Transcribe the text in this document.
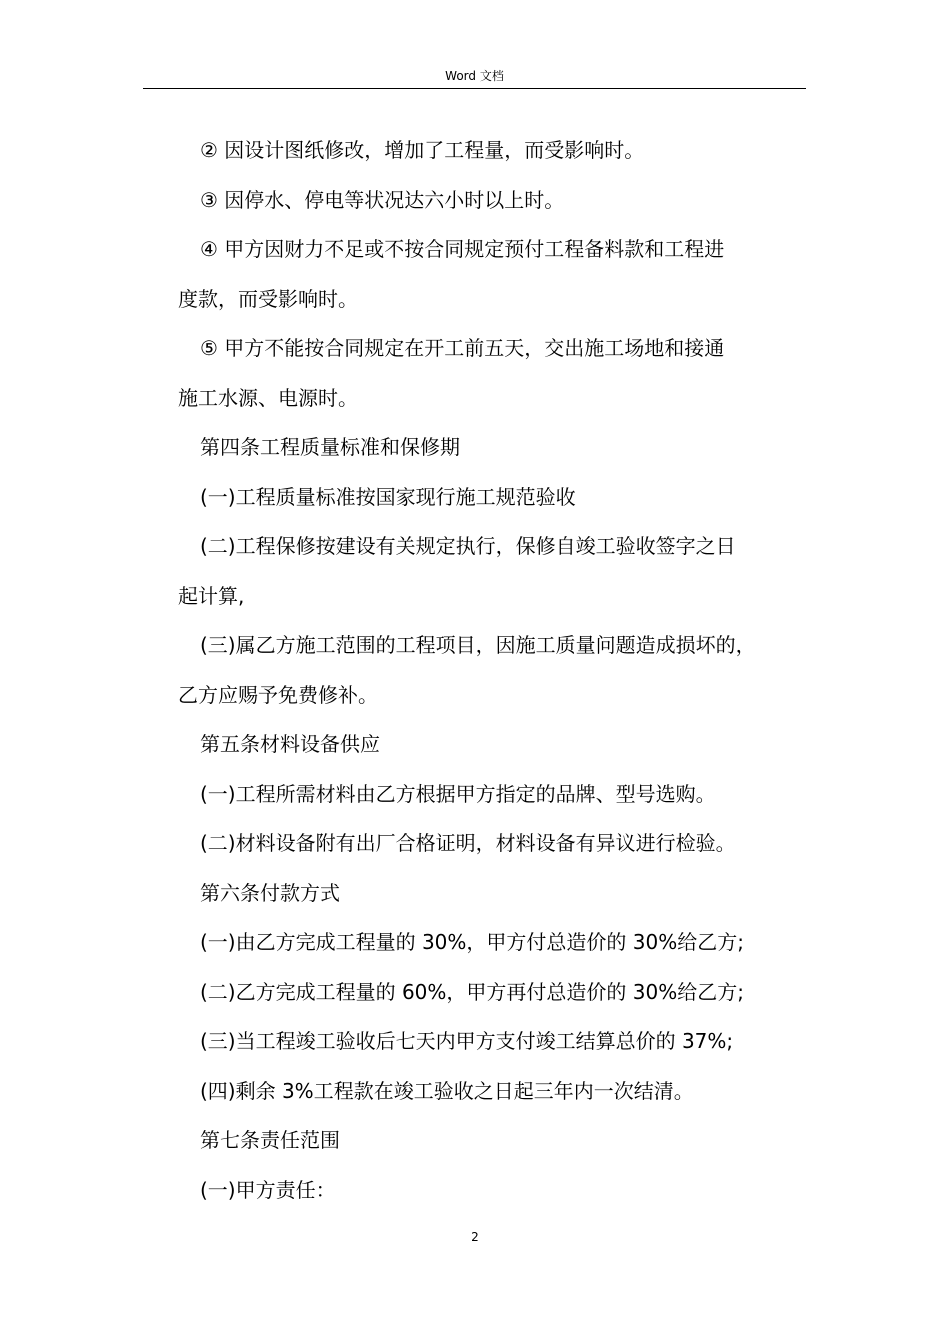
Word 文档
② 因设计图纸修改，增加了工程量，而受影响时。
③ 因停水、停电等状况达六小时以上时。
④ 甲方因财力不足或不按合同规定预付工程备料款和工程进
度款，而受影响时。
⑤ 甲方不能按合同规定在开工前五天，交出施工场地和接通
施工水源、电源时。
第四条工程质量标准和保修期
(一)工程质量标准按国家现行施工规范验收
(二)工程保修按建设有关规定执行，保修自竣工验收签字之日
起计算,
(三)属乙方施工范围的工程项目，因施工质量问题造成损坏的，
乙方应赐予免费修补。
第五条材料设备供应
(一)工程所需材料由乙方根据甲方指定的品牌、型号选购。
(二)材料设备附有出厂合格证明，材料设备有异议进行检验。
第六条付款方式
(一)由乙方完成工程量的 30%，甲方付总造价的 30%给乙方;
(二)乙方完成工程量的 60%，甲方再付总造价的 30%给乙方;
(三)当工程竣工验收后七天内甲方支付竣工结算总价的 37%;
(四)剩余 3%工程款在竣工验收之日起三年内一次结清。
第七条责任范围
(一)甲方责任：
2
